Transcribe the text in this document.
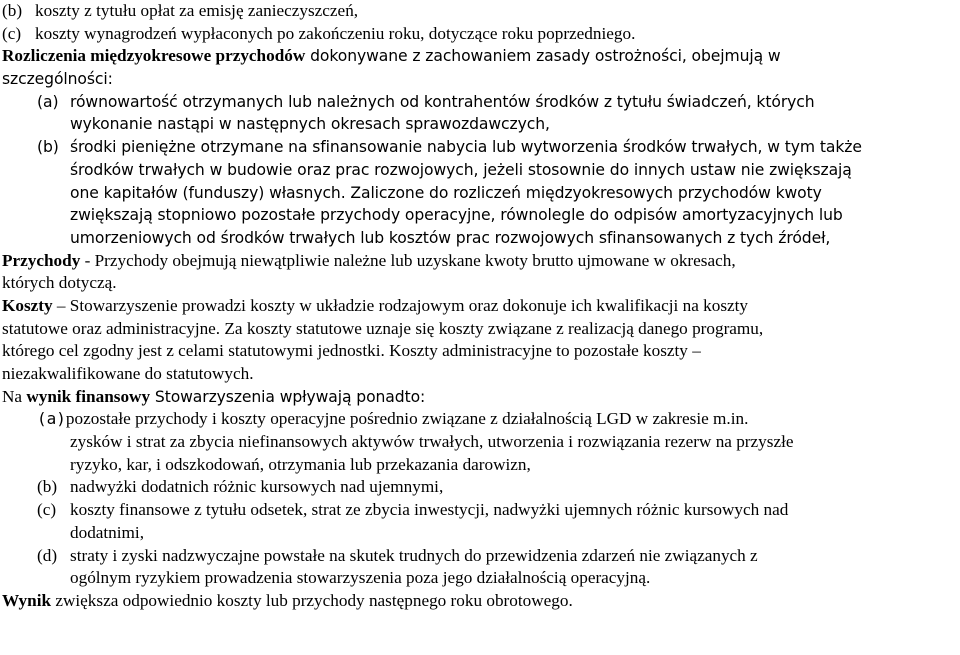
(b) koszty z tytułu opłat za emisję zanieczyszczeń,
(c) koszty wynagrodzeń wypłaconych po zakończeniu roku, dotyczące roku poprzedniego.
Rozliczenia międzyokresowe przychodów dokonywane z zachowaniem zasady ostrożności, obejmują w
szczególności:
(a) równowartość otrzymanych lub należnych od kontrahentów środków z tytułu świadczeń, których
wykonanie nastąpi w następnych okresach sprawozdawczych,
(b) środki pieniężne otrzymane na sfinansowanie nabycia lub wytworzenia środków trwałych, w tym także
środków trwałych w budowie oraz prac rozwojowych, jeżeli stosownie do innych ustaw nie zwiększają
one kapitałów (funduszy) własnych. Zaliczone do rozliczeń międzyokresowych przychodów kwoty
zwiększają stopniowo pozostałe przychody operacyjne, równolegle do odpisów amortyzacyjnych lub
umorzeniowych od środków trwałych lub kosztów prac rozwojowych sfinansowanych z tych źródeł,
Przychody - Przychody obejmują niewątpliwie należne lub uzyskane kwoty brutto ujmowane w okresach,
których dotyczą.
Koszty – Stowarzyszenie prowadzi koszty w układzie rodzajowym oraz dokonuje ich kwalifikacji na koszty
statutowe oraz administracyjne. Za koszty statutowe uznaje się koszty związane z realizacją danego programu,
którego cel zgodny jest z celami statutowymi jednostki. Koszty administracyjne to pozostałe koszty –
niezakwalifikowane do statutowych.
Na wynik finansowy Stowarzyszenia wpływają ponadto:
(a)pozostałe przychody i koszty operacyjne pośrednio związane z działalnością LGD w zakresie m.in.
zysków i strat za zbycia niefinansowych aktywów trwałych, utworzenia i rozwiązania rezerw na przyszłe
ryzyko, kar, i odszkodowań, otrzymania lub przekazania darowizn,
(b) nadwyżki dodatnich różnic kursowych nad ujemnymi,
(c) koszty finansowe z tytułu odsetek, strat ze zbycia inwestycji, nadwyżki ujemnych różnic kursowych nad
dodatnimi,
(d) straty i zyski nadzwyczajne powstałe na skutek trudnych do przewidzenia zdarzeń nie związanych z
ogólnym ryzykiem prowadzenia stowarzyszenia poza jego działalnością operacyjną.
Wynik zwiększa odpowiednio koszty lub przychody następnego roku obrotowego.
